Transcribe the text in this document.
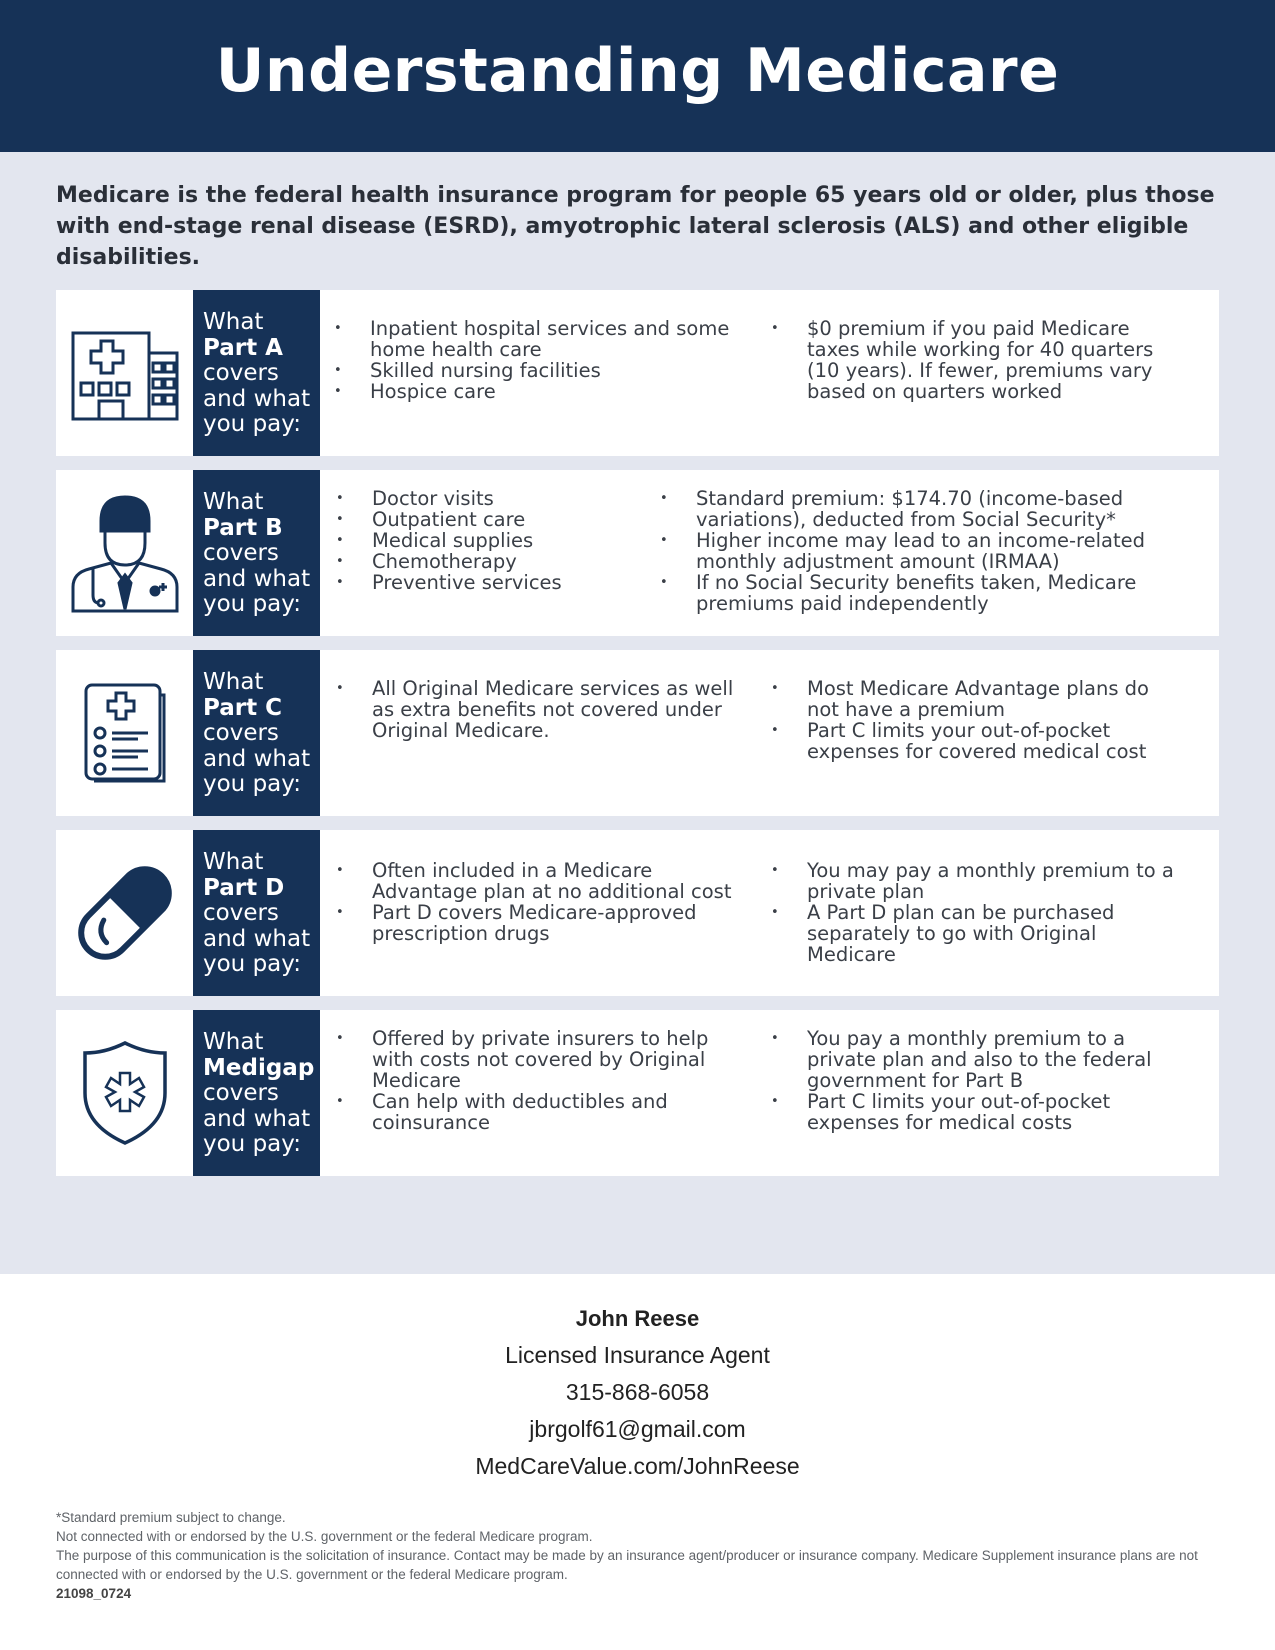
Understanding Medicare

Medicare is the federal health insurance program for people 65 years old or older, plus those with end-stage renal disease (ESRD), amyotrophic lateral sclerosis (ALS) and other eligible disabilities.

What
Part A
covers
and what
you pay:
• Inpatient hospital services and some home health care
• Skilled nursing facilities
• Hospice care
• $0 premium if you paid Medicare taxes while working for 40 quarters (10 years). If fewer, premiums vary based on quarters worked
What
Part B
covers
and what
you pay:
• Doctor visits
• Outpatient care
• Medical supplies
• Chemotherapy
• Preventive services
• Standard premium: $174.70 (income-based variations), deducted from Social Security*
• Higher income may lead to an income-related monthly adjustment amount (IRMAA)
• If no Social Security benefits taken, Medicare premiums paid independently
What
Part C
covers
and what
you pay:
• All Original Medicare services as well as extra benefits not covered under Original Medicare.
• Most Medicare Advantage plans do not have a premium
• Part C limits your out-of-pocket expenses for covered medical cost
What
Part D
covers
and what
you pay:
• Often included in a Medicare Advantage plan at no additional cost
• Part D covers Medicare-approved prescription drugs
• You may pay a monthly premium to a private plan
• A Part D plan can be purchased separately to go with Original Medicare
What
Medigap
covers
and what
you pay:
• Offered by private insurers to help with costs not covered by Original Medicare
• Can help with deductibles and coinsurance
• You pay a monthly premium to a private plan and also to the federal government for Part B
• Part C limits your out-of-pocket expenses for medical costs
John Reese
Licensed Insurance Agent
315-868-6058
jbrgolf61@gmail.com
MedCareValue.com/JohnReese
*Standard premium subject to change.
Not connected with or endorsed by the U.S. government or the federal Medicare program.
The purpose of this communication is the solicitation of insurance. Contact may be made by an insurance agent/producer or insurance company. Medicare Supplement insurance plans are not connected with or endorsed by the U.S. government or the federal Medicare program.
21098_0724
